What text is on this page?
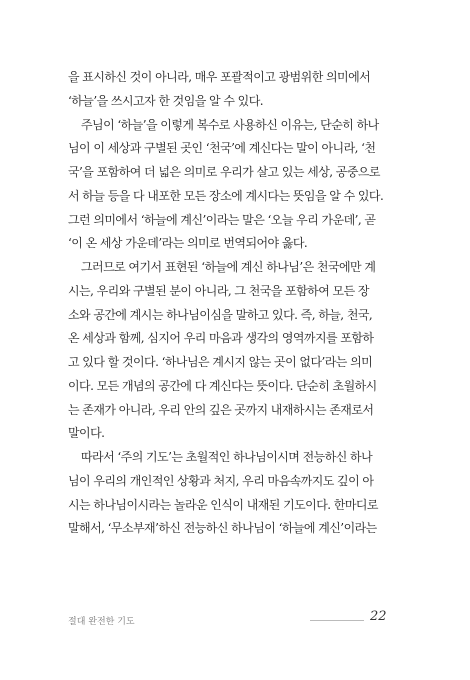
을 표시하신 것이 아니라, 매우 포괄적이고 광범위한 의미에서
‘하늘’을 쓰시고자 한 것임을 알 수 있다.

주님이 ‘하늘’을 이렇게 복수로 사용하신 이유는, 단순히 하나
님이 이 세상과 구별된 곳인 ‘천국’에 계신다는 말이 아니라, ‘천
국’을 포함하여 더 넓은 의미로 우리가 살고 있는 세상, 공중으로
서 하늘 등을 다 내포한 모든 장소에 계시다는 뜻임을 알 수 있다.
그런 의미에서 ‘하늘에 계신’이라는 말은 ‘오늘 우리 가운데’, 곧
‘이 온 세상 가운데’라는 의미로 번역되어야 옳다.

그러므로 여기서 표현된 ‘하늘에 계신 하나님’은 천국에만 계
시는, 우리와 구별된 분이 아니라, 그 천국을 포함하여 모든 장
소와 공간에 계시는 하나님이심을 말하고 있다. 즉, 하늘, 천국,
온 세상과 함께, 심지어 우리 마음과 생각의 영역까지를 포함하
고 있다 할 것이다. ‘하나님은 계시지 않는 곳이 없다’라는 의미
이다. 모든 개념의 공간에 다 계신다는 뜻이다. 단순히 초월하시
는 존재가 아니라, 우리 안의 깊은 곳까지 내재하시는 존재로서
말이다.

따라서 ‘주의 기도’는 초월적인 하나님이시며 전능하신 하나
님이 우리의 개인적인 상황과 처지, 우리 마음속까지도 깊이 아
시는 하나님이시라는 놀라운 인식이 내재된 기도이다. 한마디로
말해서, ‘무소부재’하신 전능하신 하나님이 ‘하늘에 계신’이라는

절대 완전한 기도	22
